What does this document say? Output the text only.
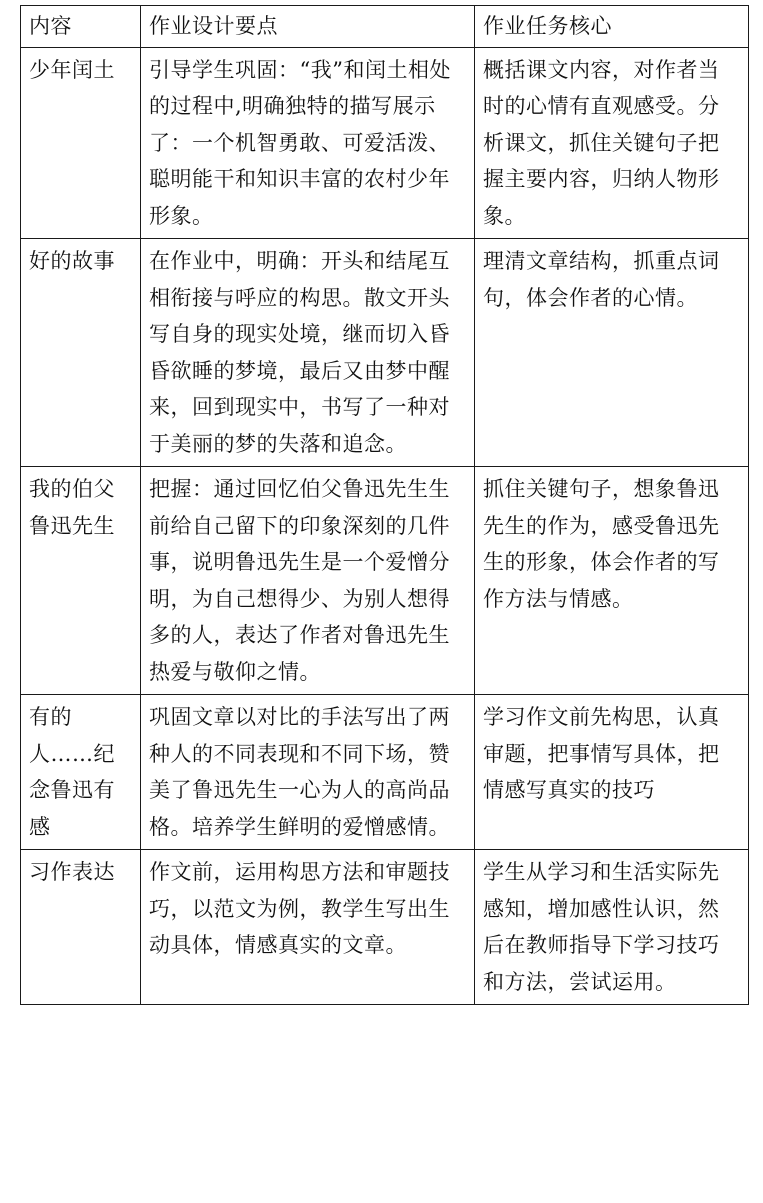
内容	作业设计要点	作业任务核心
少年闰土	引导学生巩固：“我”和闰土相处的过程中,明确独特的描写展示了：一个机智勇敢、可爱活泼、聪明能干和知识丰富的农村少年形象。	概括课文内容，对作者当时的心情有直观感受。分析课文，抓住关键句子把握主要内容，归纳人物形象。
好的故事	在作业中，明确：开头和结尾互相衔接与呼应的构思。散文开头写自身的现实处境，继而切入昏昏欲睡的梦境，最后又由梦中醒来，回到现实中，书写了一种对于美丽的梦的失落和追念。	理清文章结构，抓重点词句，体会作者的心情。
我的伯父鲁迅先生	把握：通过回忆伯父鲁迅先生生前给自己留下的印象深刻的几件事，说明鲁迅先生是一个爱憎分明，为自己想得少、为别人想得多的人，表达了作者对鲁迅先生热爱与敬仰之情。	抓住关键句子，想象鲁迅先生的作为，感受鲁迅先生的形象，体会作者的写作方法与情感。
有的人……纪念鲁迅有感	巩固文章以对比的手法写出了两种人的不同表现和不同下场，赞美了鲁迅先生一心为人的高尚品格。培养学生鲜明的爱憎感情。	学习作文前先构思，认真审题，把事情写具体，把情感写真实的技巧
习作表达	作文前，运用构思方法和审题技巧，以范文为例，教学生写出生动具体，情感真实的文章。	学生从学习和生活实际先感知，增加感性认识，然后在教师指导下学习技巧和方法，尝试运用。
